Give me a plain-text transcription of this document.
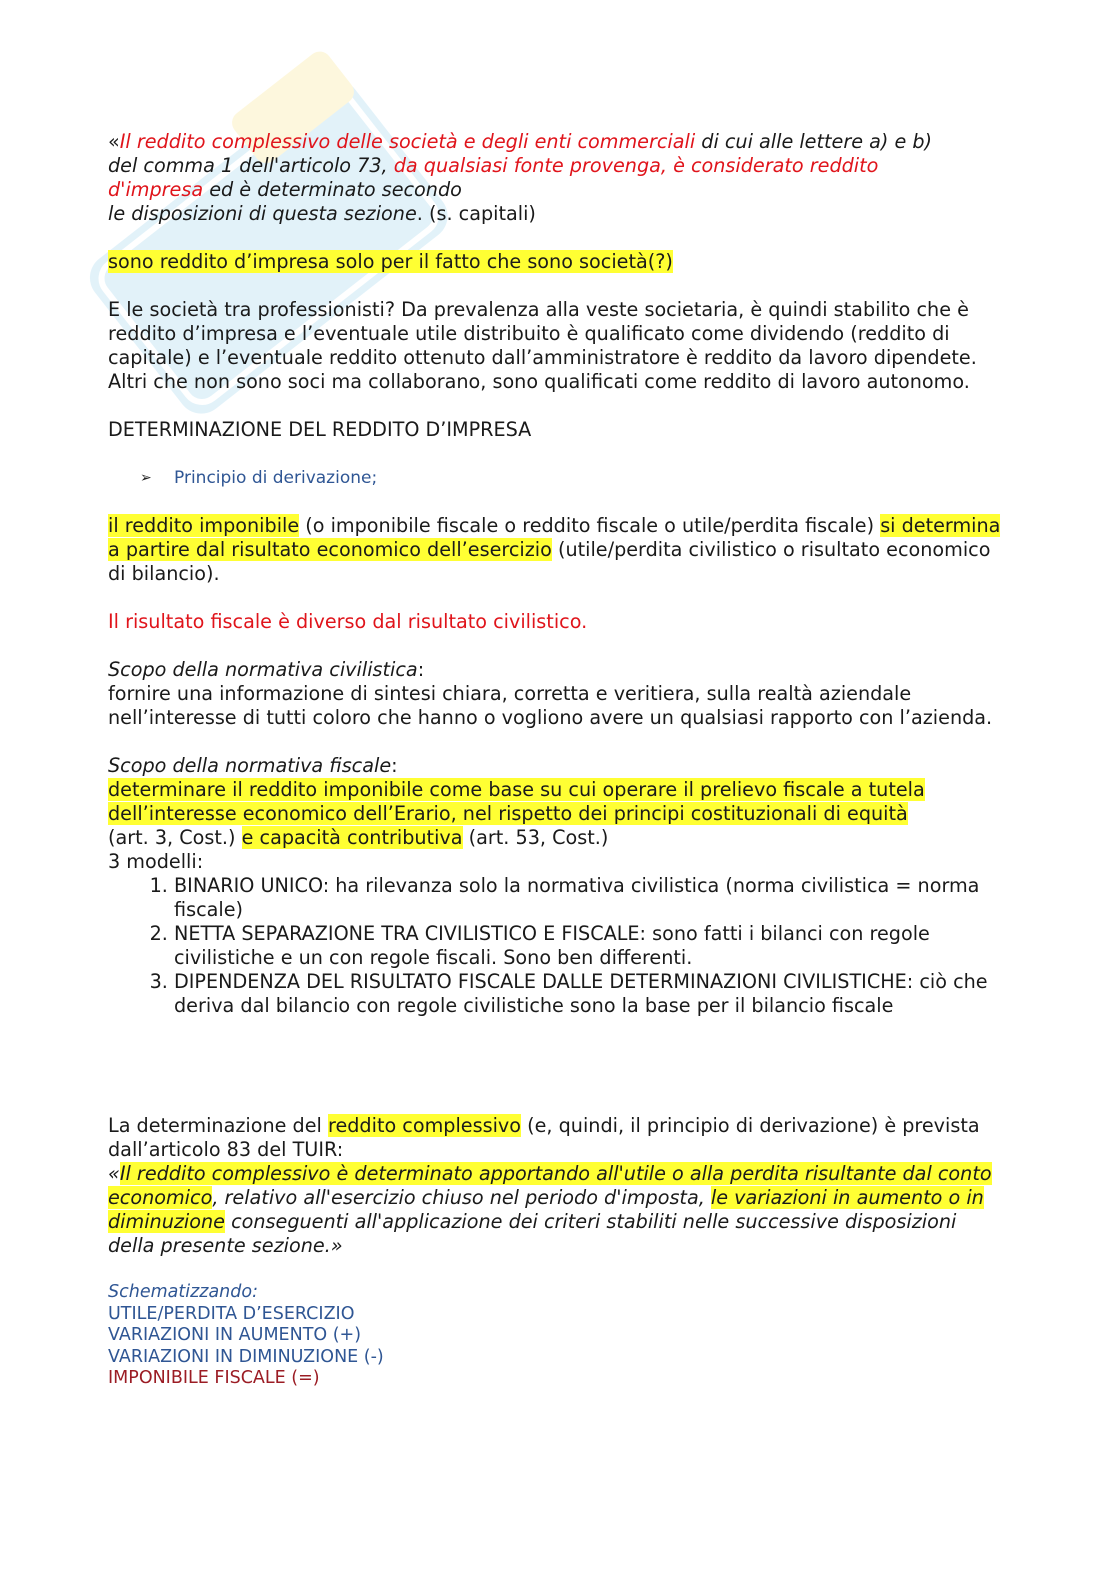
«Il reddito complessivo delle società e degli enti commerciali di cui alle lettere a) e b)
del comma 1 dell'articolo 73, da qualsiasi fonte provenga, è considerato reddito
d'impresa ed è determinato secondo
le disposizioni di questa sezione. (s. capitali)

sono reddito d’impresa solo per il fatto che sono società(?)

E le società tra professionisti? Da prevalenza alla veste societaria, è quindi stabilito che è reddito d’impresa e l’eventuale utile distribuito è qualificato come dividendo (reddito di capitale) e l’eventuale reddito ottenuto dall’amministratore è reddito da lavoro dipendete. Altri che non sono soci ma collaborano, sono qualificati come reddito di lavoro autonomo.

DETERMINAZIONE DEL REDDITO D’IMPRESA

➢	Principio di derivazione;

il reddito imponibile (o imponibile fiscale o reddito fiscale o utile/perdita fiscale) si determina a partire dal risultato economico dell’esercizio (utile/perdita civilistico o risultato economico di bilancio).

Il risultato fiscale è diverso dal risultato civilistico.

Scopo della normativa civilistica:

fornire una informazione di sintesi chiara, corretta e veritiera, sulla realtà aziendale nell’interesse di tutti coloro che hanno o vogliono avere un qualsiasi rapporto con l’azienda.

Scopo della normativa fiscale:

determinare il reddito imponibile come base su cui operare il prelievo fiscale a tutela dell’interesse economico dell’Erario, nel rispetto dei principi costituzionali di equità
(art. 3, Cost.) e capacità contributiva (art. 53, Cost.)

3 modelli:

1. BINARIO UNICO: ha rilevanza solo la normativa civilistica (norma civilistica = norma fiscale)
2. NETTA SEPARAZIONE TRA CIVILISTICO E FISCALE: sono fatti i bilanci con regole civilistiche e un con regole fiscali. Sono ben differenti.
3. DIPENDENZA DEL RISULTATO FISCALE DALLE DETERMINAZIONI CIVILISTICHE: ciò che deriva dal bilancio con regole civilistiche sono la base per il bilancio fiscale

La determinazione del reddito complessivo (e, quindi, il principio di derivazione) è prevista dall’articolo 83 del TUIR:

«Il reddito complessivo è determinato apportando all'utile o alla perdita risultante dal conto economico, relativo all'esercizio chiuso nel periodo d'imposta, le variazioni in aumento o in diminuzione conseguenti all'applicazione dei criteri stabiliti nelle successive disposizioni della presente sezione.»

Schematizzando:

UTILE/PERDITA D’ESERCIZIO

VARIAZIONI IN AUMENTO (+)

VARIAZIONI IN DIMINUZIONE (-)

IMPONIBILE FISCALE (=)
